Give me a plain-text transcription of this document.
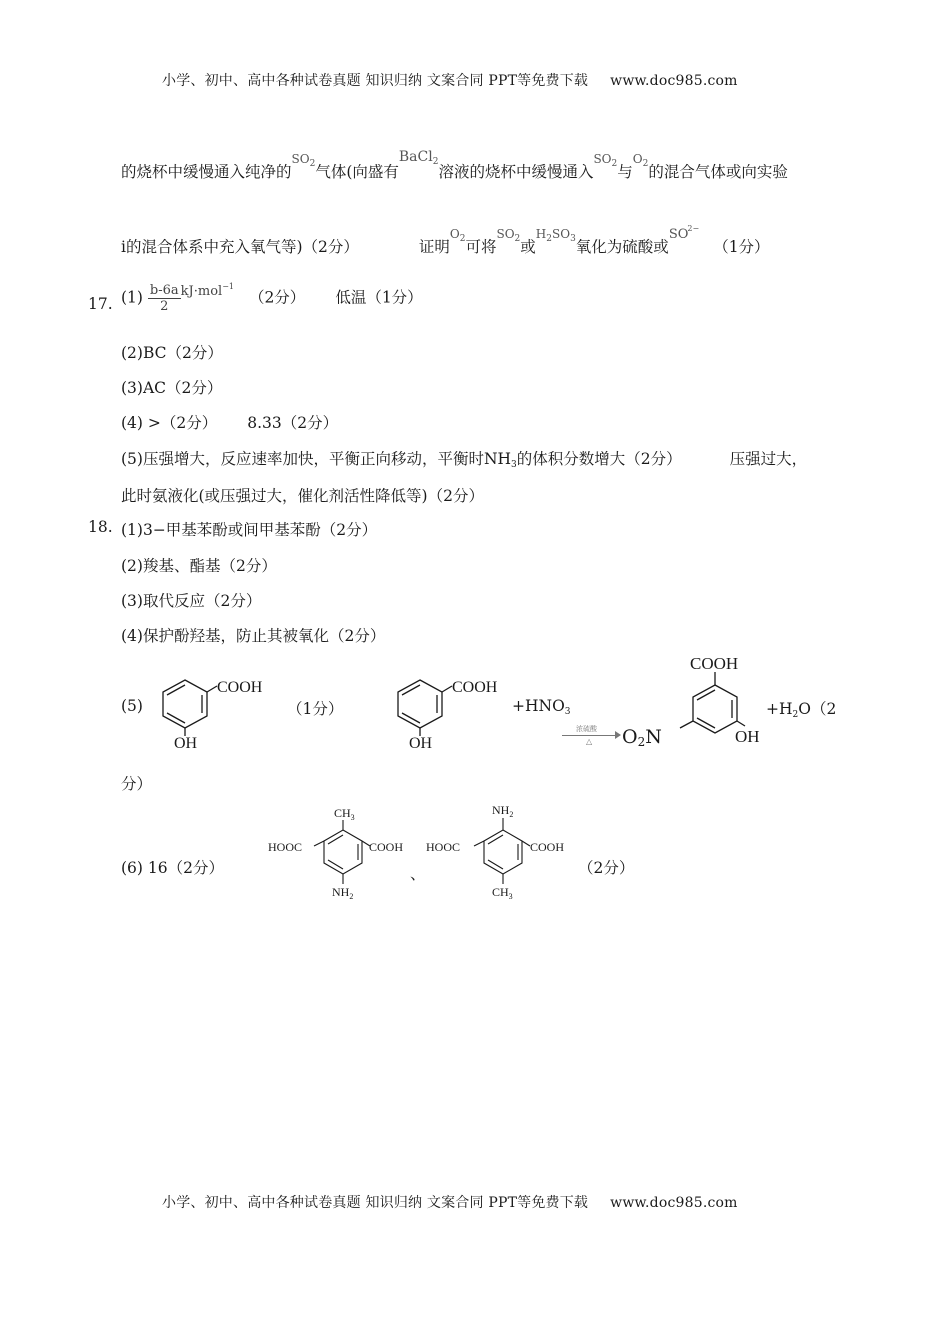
小学、初中、高中各种试卷真题 知识归纳 文案合同 PPT等免费下载 www.doc985.com
的烧杯中缓慢通入纯净的$^{SO_2}$气体(向盛有BaCl$_2$溶液的烧杯中缓慢通入$^{SO_2}$与$^{O_2}$的混合气体或向实验
ⅰ的混合体系中充入氧气等)（2分）	证明$^{O_2}$可将$^{SO_2}$或$^{H_2SO_3}$氧化为硫酸或$^{SO^{2-}}$（1分）
17. $(1) \frac{b-6a}{2} ^{kJ\cdot mol^{-1}}$ （2分） 低温（1分）
(2)BC（2分）
(3)AC（2分）
(4) >（2分） 8.33（2分）
(5)压强增大，反应速率加快，平衡正向移动，平衡时NH3的体积分数增大（2分）	压强过大，
此时氨液化(或压强过大，催化剂活性降低等)（2分）
18. (1)3−甲基苯酚或间甲基苯酚（2分）
(2)羧基、酯基（2分）
(3)取代反应（2分）
(4)保护酚羟基，防止其被氧化（2分）
(5)
COOH
OH
（1分）
COOH
OH
+HNO3
浓硫酸
△ O2N
COOH
OH
+H2O（2
分）
(6) 16（2分）
$CH_3$
HOOC	COOH
$NH_2$
、
$NH_2$
HOOC	COOH
$CH_3$
（2分）
小学、初中、高中各种试卷真题 知识归纳 文案合同 PPT等免费下载 www.doc985.com
